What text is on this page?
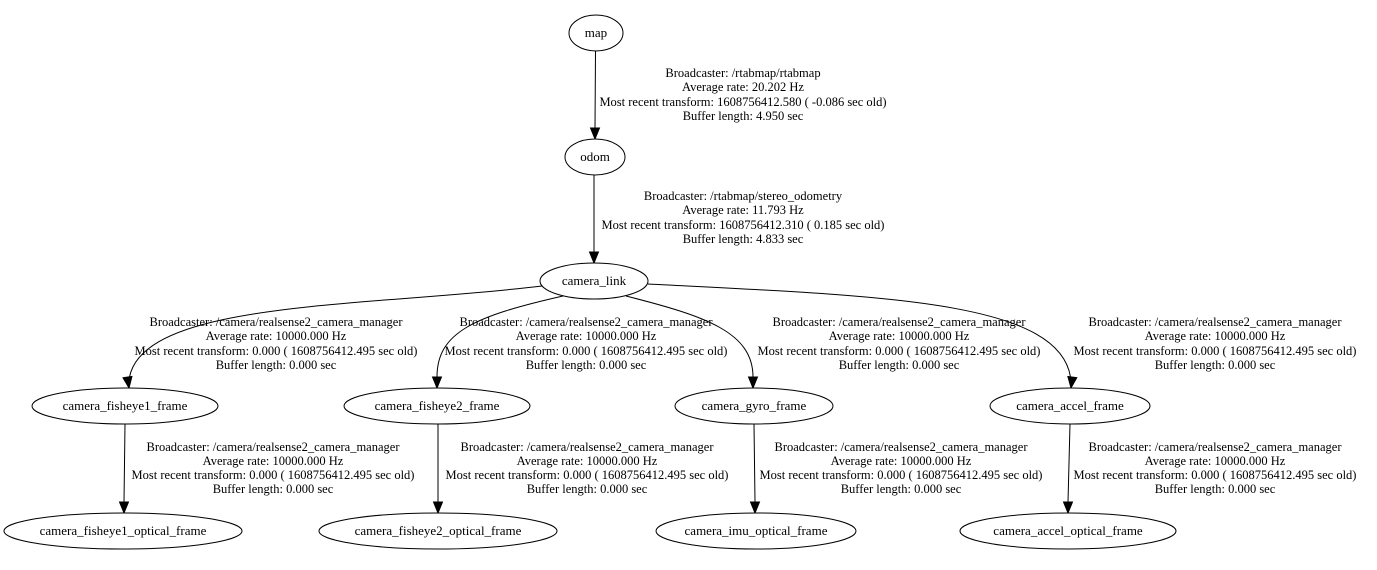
Broadcaster: /rtabmap/rtabmap
Average rate: 20.202 Hz
Most recent transform: 1608756412.580 ( -0.086 sec old)
Buffer length: 4.950 sec
Broadcaster: /rtabmap/stereo_odometry
Average rate: 11.793 Hz
Most recent transform: 1608756412.310 ( 0.185 sec old)
Buffer length: 4.833 sec
Broadcaster: /camera/realsense2_camera_manager
Average rate: 10000.000 Hz
Most recent transform: 0.000 ( 1608756412.495 sec old)
Buffer length: 0.000 sec
Broadcaster: /camera/realsense2_camera_manager
Average rate: 10000.000 Hz
Most recent transform: 0.000 ( 1608756412.495 sec old)
Buffer length: 0.000 sec
Broadcaster: /camera/realsense2_camera_manager
Average rate: 10000.000 Hz
Most recent transform: 0.000 ( 1608756412.495 sec old)
Buffer length: 0.000 sec
Broadcaster: /camera/realsense2_camera_manager
Average rate: 10000.000 Hz
Most recent transform: 0.000 ( 1608756412.495 sec old)
Buffer length: 0.000 sec
Broadcaster: /camera/realsense2_camera_manager
Average rate: 10000.000 Hz
Most recent transform: 0.000 ( 1608756412.495 sec old)
Buffer length: 0.000 sec
Broadcaster: /camera/realsense2_camera_manager
Average rate: 10000.000 Hz
Most recent transform: 0.000 ( 1608756412.495 sec old)
Buffer length: 0.000 sec
Broadcaster: /camera/realsense2_camera_manager
Average rate: 10000.000 Hz
Most recent transform: 0.000 ( 1608756412.495 sec old)
Buffer length: 0.000 sec
Broadcaster: /camera/realsense2_camera_manager
Average rate: 10000.000 Hz
Most recent transform: 0.000 ( 1608756412.495 sec old)
Buffer length: 0.000 sec
map
odom
camera_link
camera_fisheye1_frame	camera_fisheye2_frame	camera_gyro_frame	camera_accel_frame
camera_fisheye1_optical_frame	camera_fisheye2_optical_frame	camera_imu_optical_frame	camera_accel_optical_frame
